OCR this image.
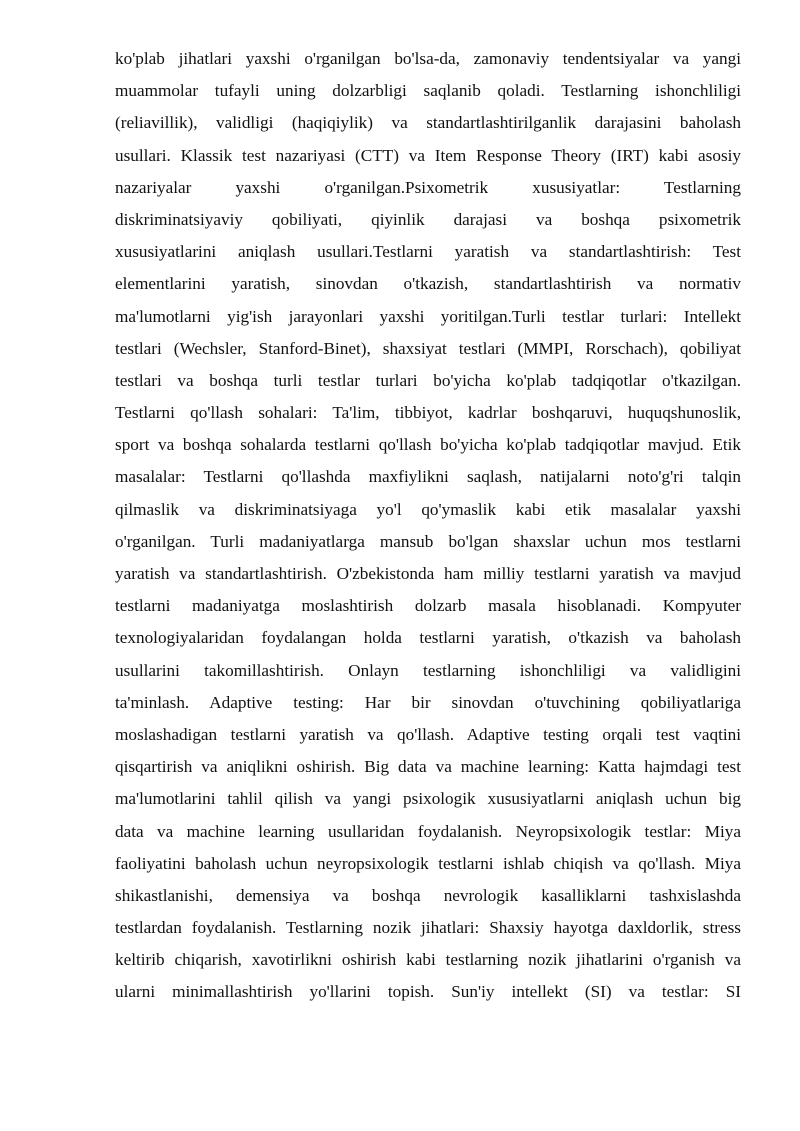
ko'plab jihatlari yaxshi o'rganilgan bo'lsa-da, zamonaviy tendentsiyalar va yangi
muammolar tufayli uning dolzarbligi saqlanib qoladi. Testlarning ishonchliligi
(reliavillik), validligi (haqiqiylik) va standartlashtirilganlik darajasini baholash
usullari. Klassik test nazariyasi (CTT) va Item Response Theory (IRT) kabi asosiy
nazariyalar yaxshi o'rganilgan.Psixometrik xususiyatlar: Testlarning
diskriminatsiyaviy qobiliyati, qiyinlik darajasi va boshqa psixometrik
xususiyatlarini aniqlash usullari.Testlarni yaratish va standartlashtirish: Test
elementlarini yaratish, sinovdan o'tkazish, standartlashtirish va normativ
ma'lumotlarni yig'ish jarayonlari yaxshi yoritilgan.Turli testlar turlari: Intellekt
testlari (Wechsler, Stanford-Binet), shaxsiyat testlari (MMPI, Rorschach), qobiliyat
testlari va boshqa turli testlar turlari bo'yicha ko'plab tadqiqotlar o'tkazilgan.
Testlarni qo'llash sohalari: Ta'lim, tibbiyot, kadrlar boshqaruvi, huquqshunoslik,
sport va boshqa sohalarda testlarni qo'llash bo'yicha ko'plab tadqiqotlar mavjud. Etik
masalalar: Testlarni qo'llashda maxfiylikni saqlash, natijalarni noto'g'ri talqin
qilmaslik va diskriminatsiyaga yo'l qo'ymaslik kabi etik masalalar yaxshi
o'rganilgan. Turli madaniyatlarga mansub bo'lgan shaxslar uchun mos testlarni
yaratish va standartlashtirish. O'zbekistonda ham milliy testlarni yaratish va mavjud
testlarni madaniyatga moslashtirish dolzarb masala hisoblanadi. Kompyuter
texnologiyalaridan foydalangan holda testlarni yaratish, o'tkazish va baholash
usullarini takomillashtirish. Onlayn testlarning ishonchliligi va validligini
ta'minlash. Adaptive testing: Har bir sinovdan o'tuvchining qobiliyatlariga
moslashadigan testlarni yaratish va qo'llash. Adaptive testing orqali test vaqtini
qisqartirish va aniqlikni oshirish. Big data va machine learning: Katta hajmdagi test
ma'lumotlarini tahlil qilish va yangi psixologik xususiyatlarni aniqlash uchun big
data va machine learning usullaridan foydalanish. Neyropsixologik testlar: Miya
faoliyatini baholash uchun neyropsixologik testlarni ishlab chiqish va qo'llash. Miya
shikastlanishi, demensiya va boshqa nevrologik kasalliklarni tashxislashda
testlardan foydalanish. Testlarning nozik jihatlari: Shaxsiy hayotga daxldorlik, stress
keltirib chiqarish, xavotirlikni oshirish kabi testlarning nozik jihatlarini o'rganish va
ularni minimallashtirish yo'llarini topish. Sun'iy intellekt (SI) va testlar: SI
